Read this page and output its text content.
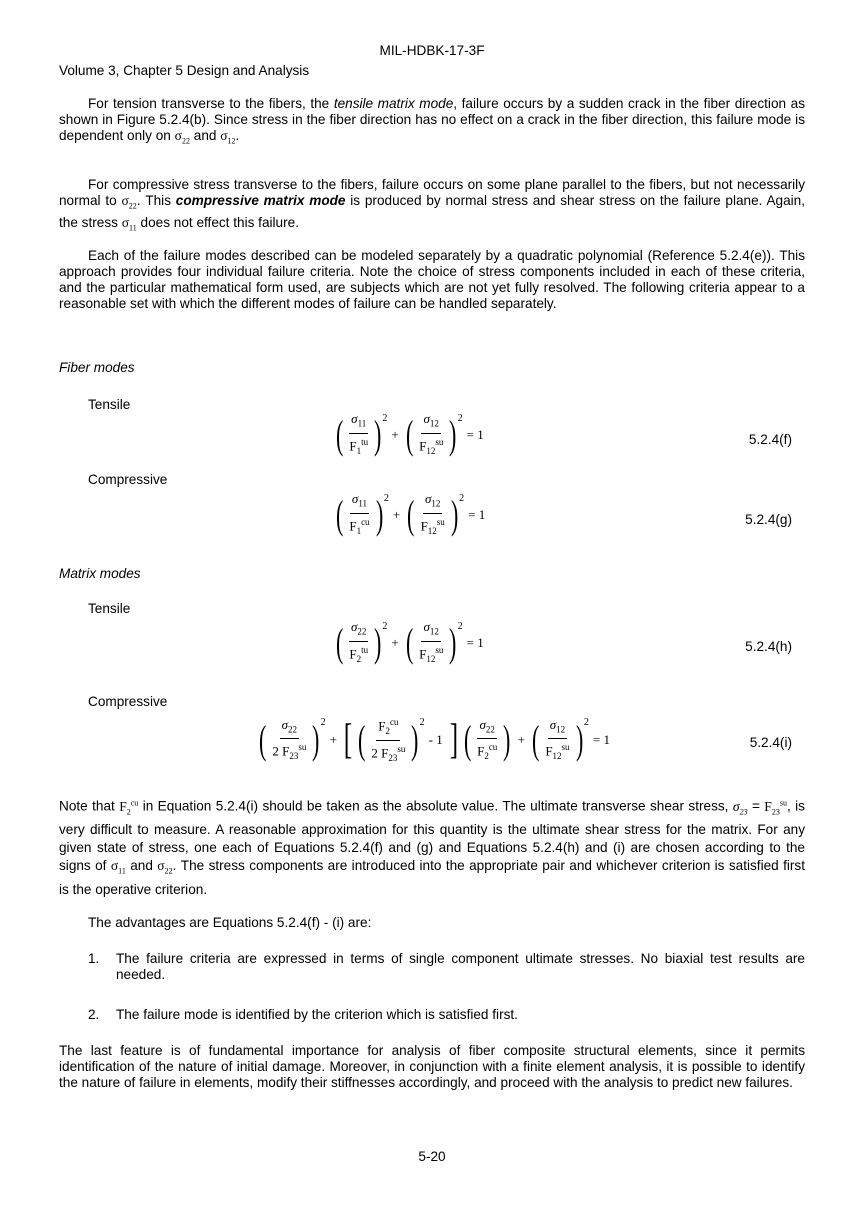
MIL-HDBK-17-3F
Volume 3, Chapter 5 Design and Analysis

For tension transverse to the fibers, the tensile matrix mode, failure occurs by a sudden crack in the fiber direction as shown in Figure 5.2.4(b). Since stress in the fiber direction has no effect on a crack in the fiber direction, this failure mode is dependent only on $\sigma_{22}$ and $\sigma_{12}$.

For compressive stress transverse to the fibers, failure occurs on some plane parallel to the fibers, but not necessarily normal to $\sigma_{22}$. This compressive matrix mode is produced by normal stress and shear stress on the failure plane. Again, the stress $\sigma_{11}$ does not effect this failure.

Each of the failure modes described can be modeled separately by a quadratic polynomial (Reference 5.2.4(e)). This approach provides four individual failure criteria. Note the choice of stress components included in each of these criteria, and the particular mathematical form used, are subjects which are not yet fully resolved. The following criteria appear to a reasonable set with which the different modes of failure can be handled separately.

Fiber modes
Tensile
( $\frac{\sigma_{11}}{F_1^{tu}}$ ) 2
+ ( $\frac{\sigma_{12}}{F_{12}^{su}}$ ) 2
= 1	5.2.4(f)
Compressive
( $\frac{\sigma_{11}}{F_1^{cu}}$ ) 2
+ ( $\frac{\sigma_{12}}{F_{12}^{su}}$ ) 2
= 1	5.2.4(g)
Matrix modes
Tensile
( $\frac{\sigma_{22}}{F_2^{tu}}$ ) 2
+ ( $\frac{\sigma_{12}}{F_{12}^{su}}$ ) 2
= 1	5.2.4(h)
Compressive
( $\frac{\sigma_{22}}{2 F_{23}^{su}}$ ) 2
+ [ ( $\frac{F_2^{cu}}{2 F_{23}^{su}}$ ) 2
- 1 ] ( $\frac{\sigma_{22}}{F_2^{cu}}$ ) + ( $\frac{\sigma_{12}}{F_{12}^{su}}$ ) 2
= 1	5.2.4(i)

Note that $F_2^{cu}$ in Equation 5.2.4(i) should be taken as the absolute value. The ultimate transverse shear stress, $\sigma_{23} = F_{23}^{su}$, is very difficult to measure. A reasonable approximation for this quantity is the ultimate shear stress for the matrix. For any given state of stress, one each of Equations 5.2.4(f) and (g) and Equations 5.2.4(h) and (i) are chosen according to the signs of $\sigma_{11}$ and $\sigma_{22}$. The stress components are introduced into the appropriate pair and whichever criterion is satisfied first is the operative criterion.

The advantages are Equations 5.2.4(f) - (i) are:

1. The failure criteria are expressed in terms of single component ultimate stresses. No biaxial test results are needed.
2. The failure mode is identified by the criterion which is satisfied first.

The last feature is of fundamental importance for analysis of fiber composite structural elements, since it permits identification of the nature of initial damage. Moreover, in conjunction with a finite element analysis, it is possible to identify the nature of failure in elements, modify their stiffnesses accordingly, and proceed with the analysis to predict new failures.

5-20
